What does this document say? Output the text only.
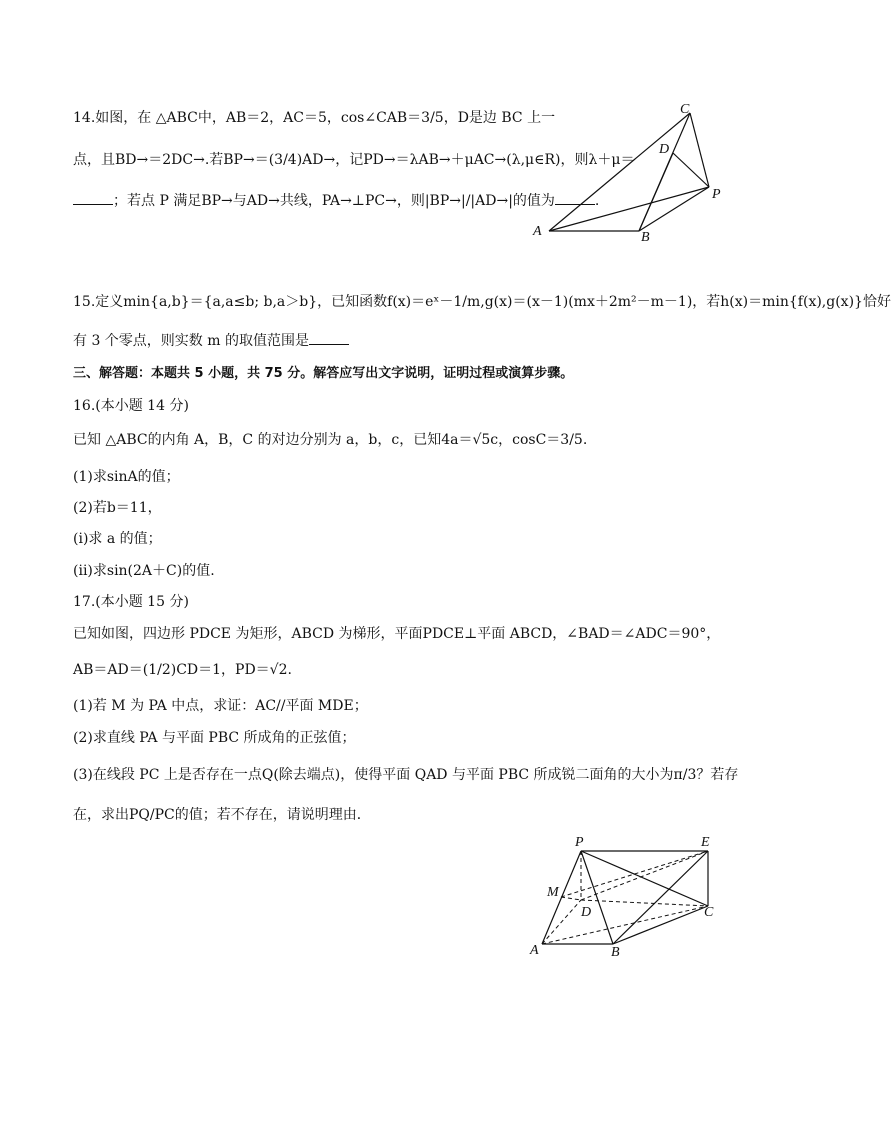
14.如图，在 △ABC中，AB＝2，AC＝5，cos∠CAB＝3/5，D是边 BC 上一
点，且BD→＝2DC→.若BP→＝(3/4)AD→，记PD→＝λAB→＋μAC→(λ,μ∈R)，则λ＋μ＝
；若点 P 满足BP→与AD→共线，PA→⊥PC→，则|BP→|/|AD→|的值为	.
C
D
P
A	B
15.定义min{a,b}＝{a,a≤b; b,a＞b}，已知函数f(x)＝eˣ－1/m,g(x)＝(x－1)(mx＋2m²－m－1)，若h(x)＝min{f(x),g(x)}恰好
有 3 个零点，则实数 m 的取值范围是
三、解答题：本题共 5 小题，共 75 分。解答应写出文字说明，证明过程或演算步骤。
16.(本小题 14 分)
已知 △ABC的内角 A，B，C 的对边分别为 a，b，c，已知4a＝√5c，cosC＝3/5.
(1)求sinA的值；
(2)若b＝11，
(i)求 a 的值；
(ii)求sin(2A＋C)的值.
17.(本小题 15 分)
已知如图，四边形 PDCE 为矩形，ABCD 为梯形，平面PDCE⊥平面 ABCD，∠BAD＝∠ADC＝90°，
AB＝AD＝(1/2)CD＝1，PD＝√2.
(1)若 M 为 PA 中点，求证：AC//平面 MDE；
(2)求直线 PA 与平面 PBC 所成角的正弦值；
(3)在线段 PC 上是否存在一点Q(除去端点)，使得平面 QAD 与平面 PBC 所成锐二面角的大小为π/3？若存
在，求出PQ/PC的值；若不存在，请说明理由．
P	E
M
D	C
A	B
